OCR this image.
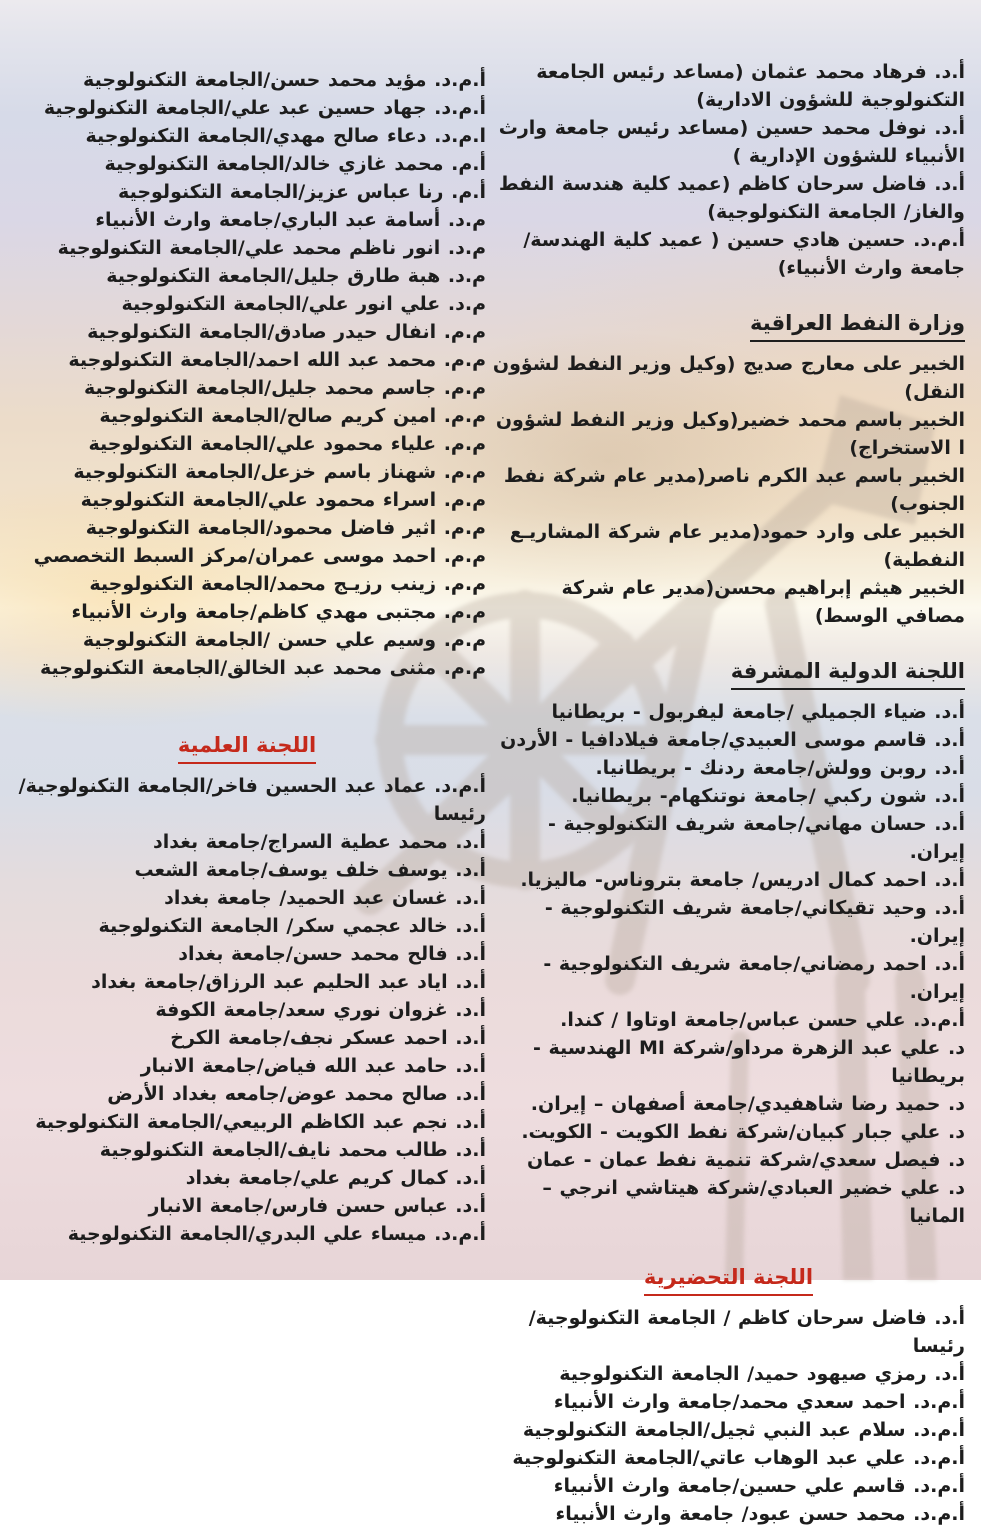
أ.د. فرهاد محمد عثمان (مساعد رئيس الجامعة التكنولوجية للشؤون الادارية)

أ.د. نوفل محمد حسين (مساعد رئيس جامعة وارث الأنبياء للشؤون الإدارية )

أ.د. فاضل سرحان كاظم (عميد كلية هندسة النفط والغاز/ الجامعة التكنولوجية)

أ.م.د. حسين هادي حسين ( عميد كلية الهندسة/جامعة وارث الأنبياء)

وزارة النفط العراقية

الخبير على معارج صديج (وكيل وزير النفط لشؤون النقل)

الخبير باسم محمد خضير(وكيل وزير النفط لشؤون ا الاستخراج)

الخبير باسم عبد الكرم ناصر(مدير عام شركة نفط الجنوب)

الخبير على وارد حمود(مدير عام شركة المشاريـع النفطية)

الخبير هيثم إبراهيم محسن(مدير عام شركة مصافي الوسط)

اللجنة الدولية المشرفة

أ.د. ضياء الجميلي /جامعة ليفربول - بريطانيا

أ.د. قاسم موسى العبيدي/جامعة فيلادافيا - الأردن

أ.د. روبن وولش/جامعة ردنك - بريطانيا.

أ.د. شون ركبي /جامعة نوتنكهام- بريطانيا.

أ.د. حسان مهاني/جامعة شريف التكنولوجية - إيران.

أ.د. احمد كمال ادريس/ جامعة بتروناس- ماليزيا.

أ.د. وحيد تقيكاني/جامعة شريف التكنولوجية - إيران.

أ.د. احمد رمضاني/جامعة شريف التكنولوجية - إيران.

أ.م.د. علي حسن عباس/جامعة اوتاوا / كندا.

د. علي عبد الزهرة مرداو/شركة MI الهندسية - بريطانيا

د. حميد رضا شاهفيدي/جامعة أصفهان – إيران.

د. علي جبار كبيان/شركة نفط الكويت - الكويت.

د. فيصل سعدي/شركة تنمية نفط عمان - عمان

د. علي خضير العبادي/شركة هيتاشي انرجي – المانيا

اللجنة التحضيرية

أ.د. فاضل سرحان كاظم / الجامعة التكنولوجية/ رئيسا

أ.د. رمزي صيهود حميد/ الجامعة التكنولوجية

أ.م.د. احمد سعدي محمد/جامعة وارث الأنبياء

أ.م.د. سلام عبد النبي ثجيل/الجامعة التكنولوجية

أ.م.د. علي عبد الوهاب عاتي/الجامعة التكنولوجية

أ.م.د. قاسم علي حسين/جامعة وارث الأنبياء

أ.م.د. محمد حسن عبود/ جامعة وارث الأنبياء

أ.م.د. مؤيد محمد حسن/الجامعة التكنولوجية

أ.م.د. جهاد حسين عبد علي/الجامعة التكنولوجية

ا.م.د. دعاء صالح مهدي/الجامعة التكنولوجية

أ.م. محمد غازي خالد/الجامعة التكنولوجية

أ.م. رنا عباس عزيز/الجامعة التكنولوجية

م.د. أسامة عبد الباري/جامعة وارث الأنبياء

م.د. انور ناظم محمد علي/الجامعة التكنولوجية

م.د. هبة طارق جليل/الجامعة التكنولوجية

م.د. علي انور علي/الجامعة التكنولوجية

م.م. انفال حيدر صادق/الجامعة التكنولوجية

م.م. محمد عبد الله احمد/الجامعة التكنولوجية

م.م. جاسم محمد جليل/الجامعة التكنولوجية

م.م. امين كريم صالح/الجامعة التكنولوجية

م.م. علياء محمود علي/الجامعة التكنولوجية

م.م. شهناز باسم خزعل/الجامعة التكنولوجية

م.م. اسراء محمود علي/الجامعة التكنولوجية

م.م. اثير فاضل محمود/الجامعة التكنولوجية

م.م. احمد موسى عمران/مركز السبط التخصصي

م.م. زينب رزيـج محمد/الجامعة التكنولوجية

م.م. مجتبى مهدي كاظم/جامعة وارث الأنبياء

م.م. وسيم علي حسن /الجامعة التكنولوجية

م.م. مثنى محمد عبد الخالق/الجامعة التكنولوجية

اللجنة العلمية

أ.م.د. عماد عبد الحسين فاخر/الجامعة التكنولوجية/ رئيسا

أ.د. محمد عطية السراج/جامعة بغداد

أ.د. يوسف خلف يوسف/جامعة الشعب

أ.د. غسان عبد الحميد/ جامعة بغداد

أ.د. خالد عجمي سكر/ الجامعة التكنولوجية

أ.د. فالح محمد حسن/جامعة بغداد

أ.د. اياد عبد الحليم عبد الرزاق/جامعة بغداد

أ.د. غزوان نوري سعد/جامعة الكوفة

أ.د. احمد عسكر نجف/جامعة الكرخ

أ.د. حامد عبد الله فياض/جامعة الانبار

أ.د. صالح محمد عوض/جامعه بغداد الأرض

أ.د. نجم عبد الكاظم الربيعي/الجامعة التكنولوجية

أ.د. طالب محمد نايف/الجامعة التكنولوجية

أ.د. كمال كريم علي/جامعة بغداد

أ.د. عباس حسن فارس/جامعة الانبار

أ.م.د. ميساء علي البدري/الجامعة التكنولوجية
